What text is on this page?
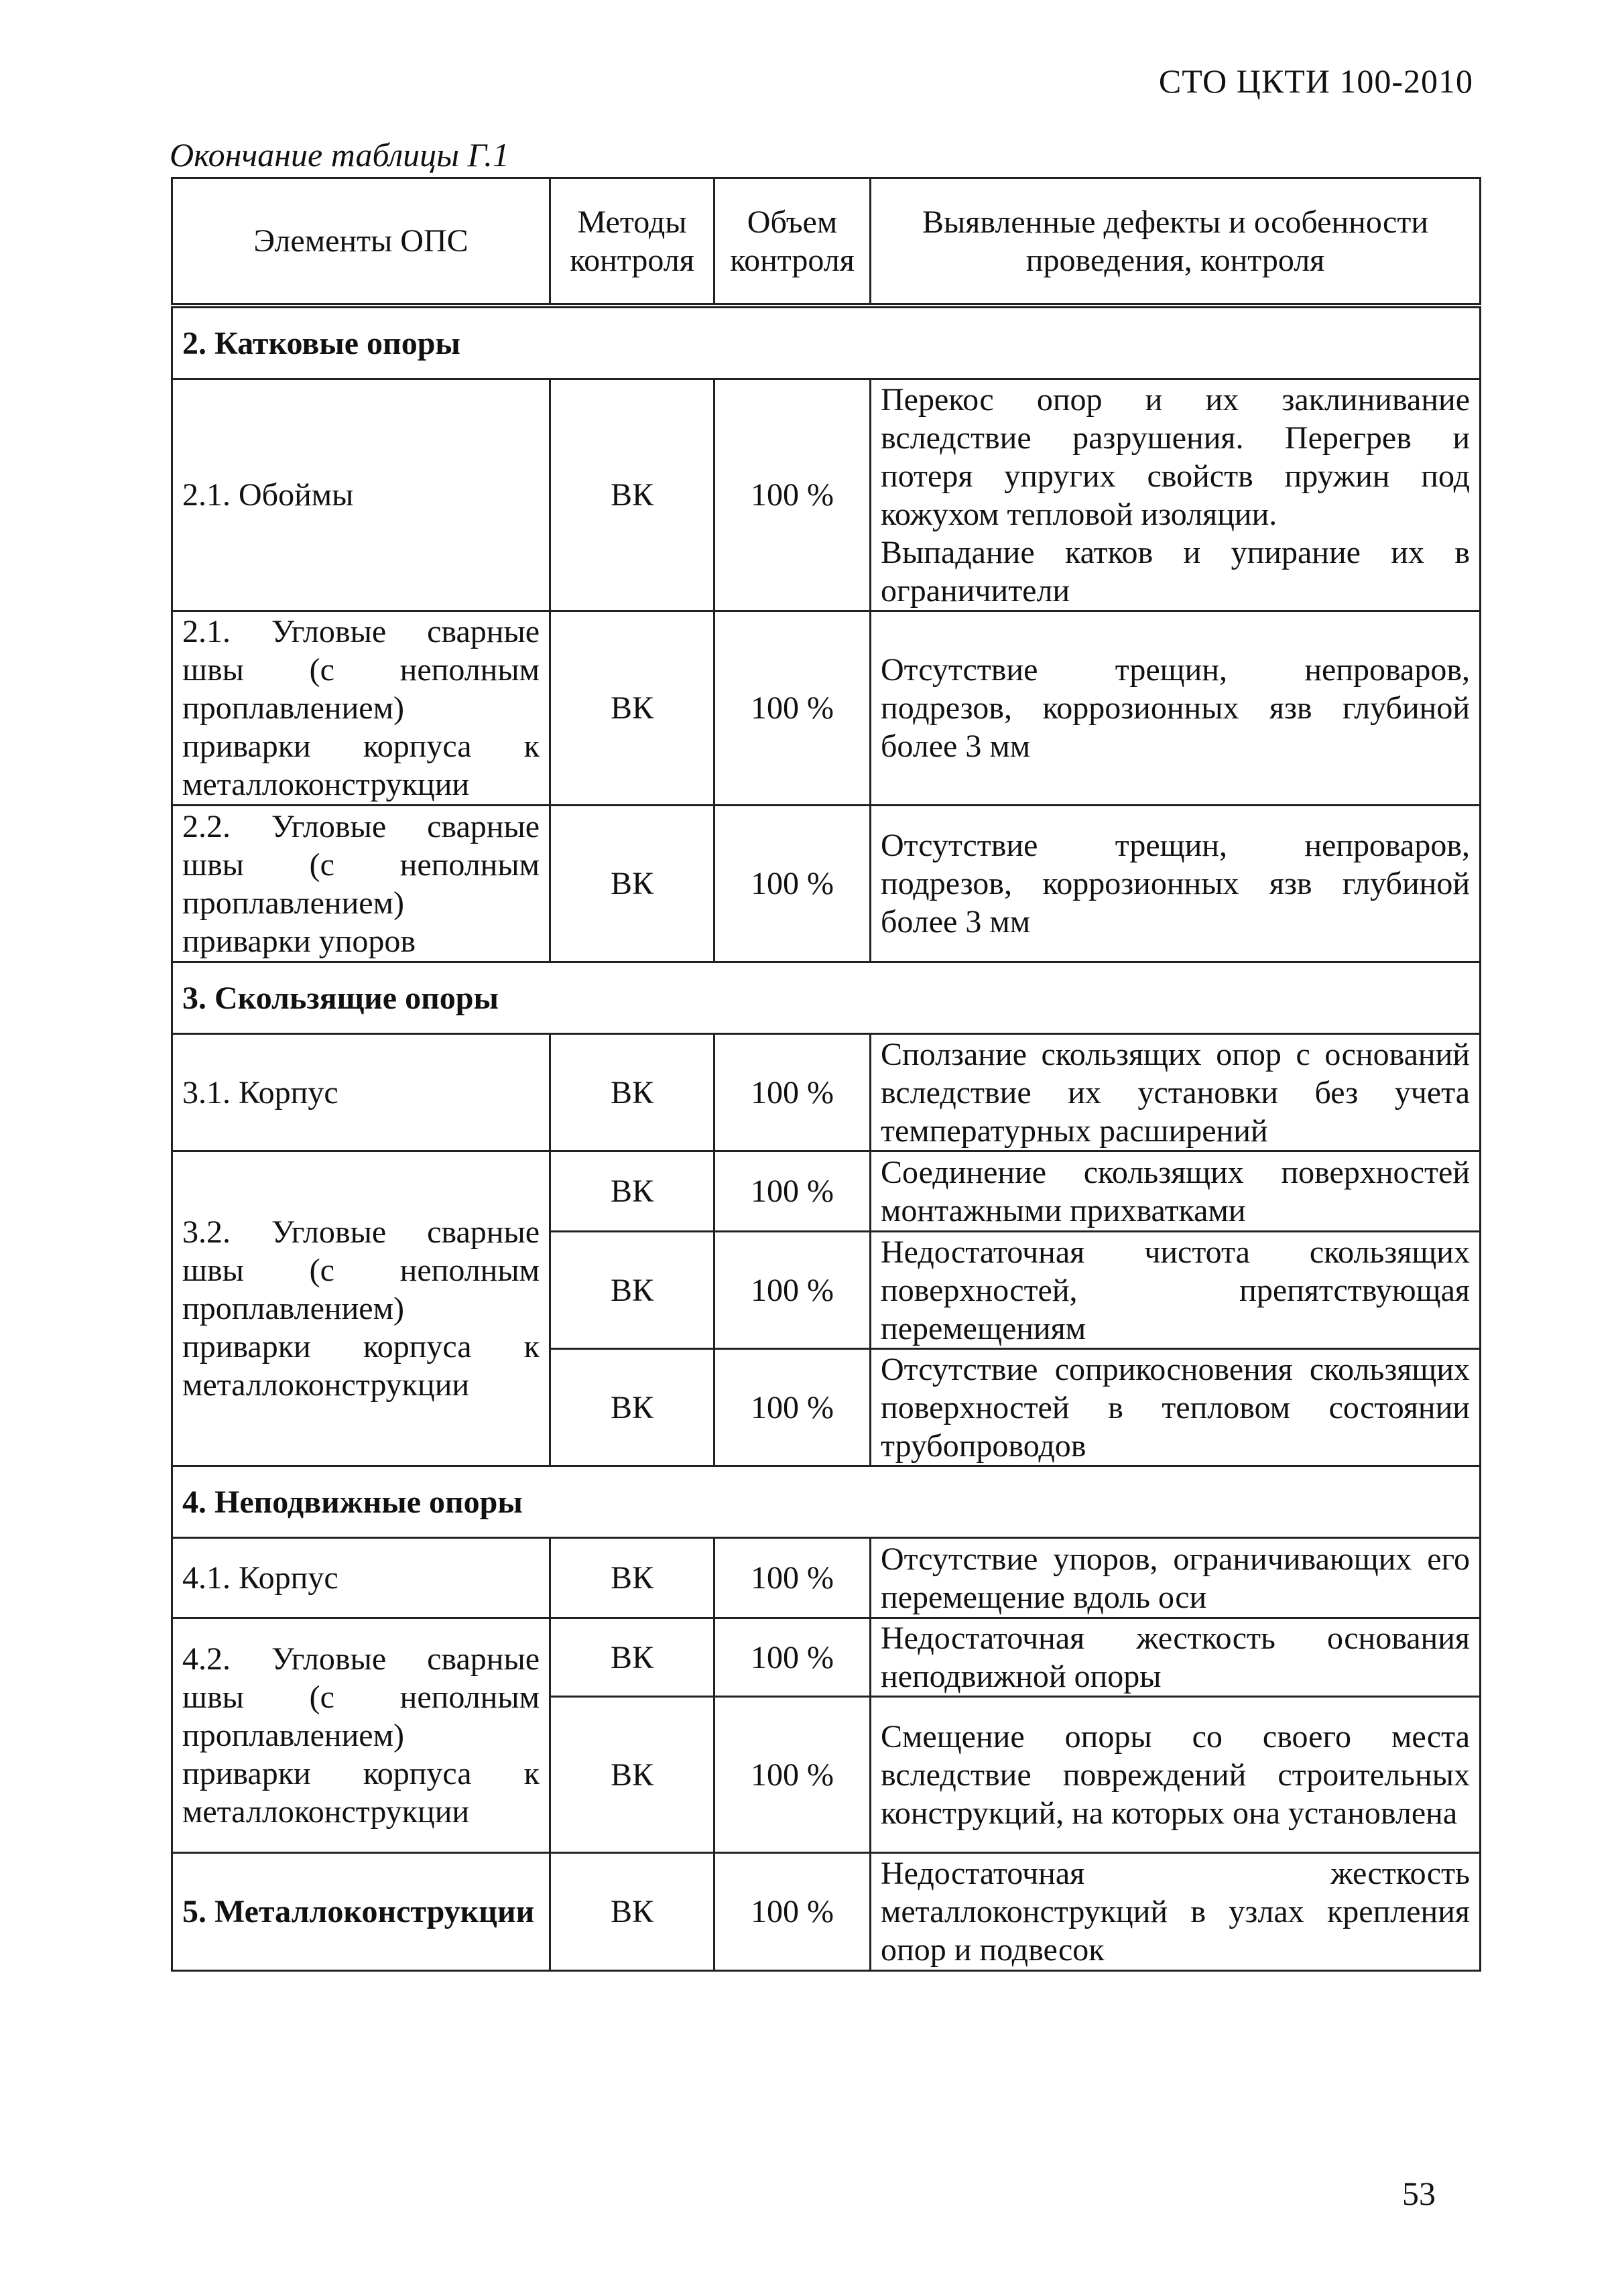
СТО ЦКТИ 100-2010
Окончание таблицы Г.1
Элементы ОПС	Методы контроля	Объем контроля	Выявленные дефекты и особенности проведения, контроля
2. Катковые опоры			
2.1. Обоймы	ВК	100 %	Перекос опор и их заклинивание вследствие разрушения. Перегрев и потеря упругих свойств пружин под кожухом тепловой изоляции.
Выпадание катков и упирание их в ограничители

2.1. Угловые сварные швы (с неполным проплавлением) приварки корпуса к металлоконструкции	ВК	100 %	Отсутствие трещин, непроваров, подрезов, коррозионных язв глубиной более 3 мм
2.2. Угловые сварные швы (с неполным проплавлением) приварки упоров	ВК	100 %	Отсутствие трещин, непроваров, подрезов, коррозионных язв глубиной более 3 мм
3. Скользящие опоры			
3.1. Корпус	ВК	100 %	Сползание скользящих опор с оснований вследствие их установки без учета температурных расширений
3.2. Угловые сварные швы (с неполным проплавлением) приварки корпуса к металлоконструкции	ВК	100 %	Соединение скользящих поверхностей монтажными прихватками
	ВК	100 %	Недостаточная чистота скользящих поверхностей, препятствующая перемещениям
	ВК	100 %	Отсутствие соприкосновения скользящих поверхностей в тепловом состоянии трубопроводов
4. Неподвижные опоры			
4.1. Корпус	ВК	100 %	Отсутствие упоров, ограничивающих его перемещение вдоль оси
4.2. Угловые сварные швы (с неполным проплавлением) приварки корпуса к металлоконструкции	ВК	100 %	Недостаточная жесткость основания неподвижной опоры
	ВК	100 %	Смещение опоры со своего места вследствие повреждений строительных конструкций, на которых она установлена
5. Металлоконструкции	ВК	100 %	Недостаточная жесткость металлоконструкций в узлах крепления опор и подвесок
53
